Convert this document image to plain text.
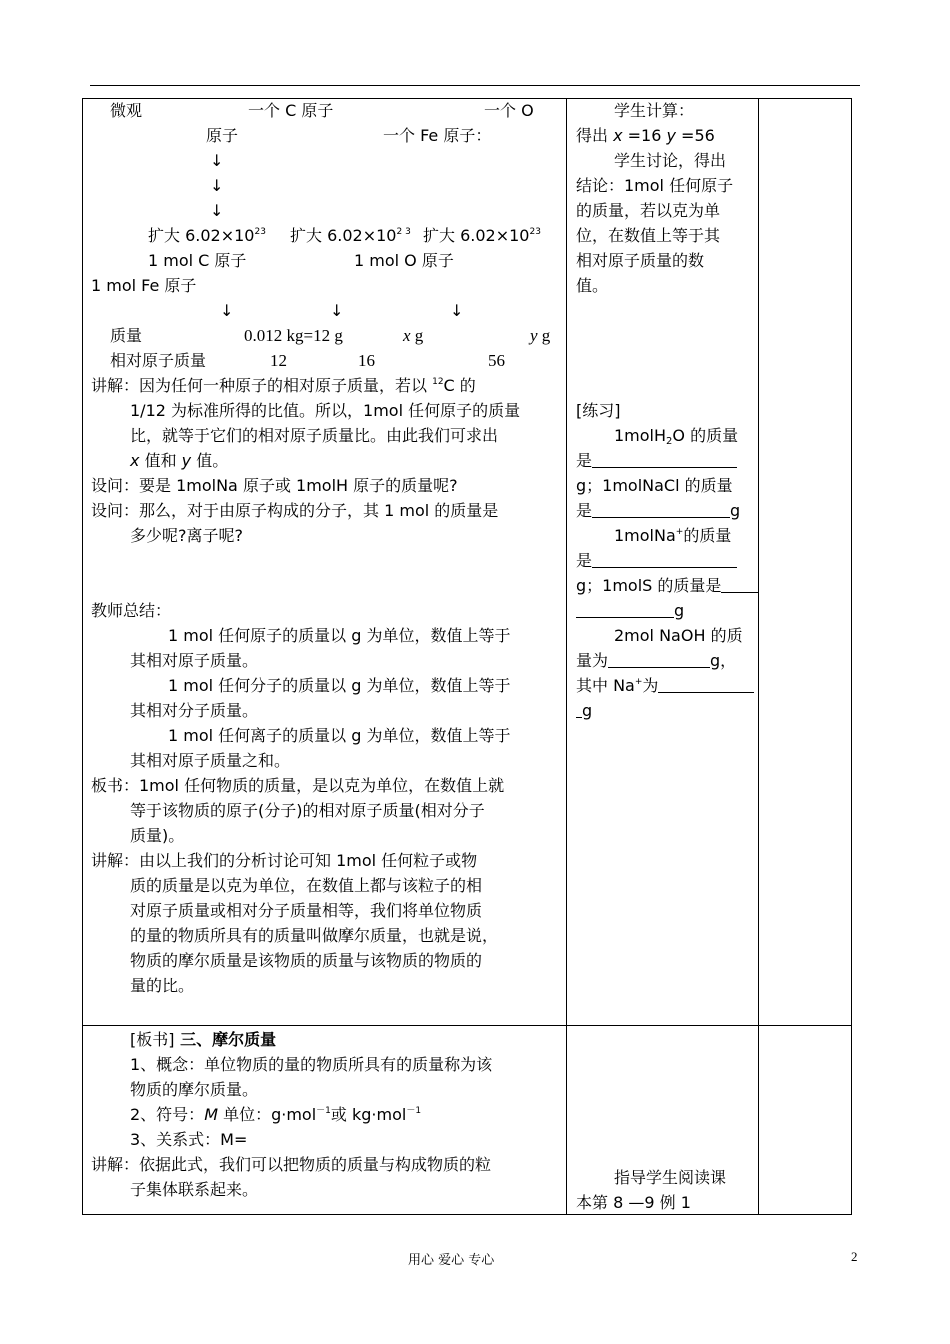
微观	一个 C 原子	一个 O
原子	一个 Fe 原子：
↓
↓
↓
扩大 $6.02\times 10^{23}$ 扩大 $6.02\times 10^{2 3}$ 扩大 $6.02\times 10^{23}$
1 mol C 原子	1 mol O 原子
1 mol Fe 原子
↓	↓	↓
质量	0.012 kg=12 g	x g	y g
相对原子质量	12	16	56
讲解：因为任何一种原子的相对原子质量，若以 $^{12}$C 的
1/12 为标准所得的比值。所以，1mol 任何原子的质量
比，就等于它们的相对原子质量比。由此我们可求出
x 值和 y 值。
设问：要是 1molNa 原子或 1molH 原子的质量呢?
设问：那么，对于由原子构成的分子，其 1 mol 的质量是
多少呢?离子呢?
教师总结：
1 mol 任何原子的质量以 g 为单位，数值上等于
其相对原子质量。
1 mol 任何分子的质量以 g 为单位，数值上等于
其相对分子质量。
1 mol 任何离子的质量以 g 为单位，数值上等于
其相对原子质量之和。
板书：1mol 任何物质的质量，是以克为单位，在数值上就
等于该物质的原子(分子)的相对原子质量(相对分子
质量)。
讲解：由以上我们的分析讨论可知 1mol 任何粒子或物
质的质量是以克为单位，在数值上都与该粒子的相
对原子质量或相对分子质量相等，我们将单位物质
的量的物质所具有的质量叫做摩尔质量，也就是说，
物质的摩尔质量是该物质的质量与该物质的物质的
量的比。
学生计算：
得出 x =16 y =56
学生讨论，得出
结论：1mol 任何原子
的质量，若以克为单
位，在数值上等于其
相对原子质量的数
值。
[练习]
1molH$_2$O 的质量
是
g；1molNaCl 的质量
是	g
1molNa+的质量
是
g；1molS 的质量是
g
2mol NaOH 的质
量为	g，
其中 Na+为
g
[板书] 三、摩尔质量
1、概念：单位物质的量的物质所具有的质量称为该
物质的摩尔质量。
2、符号：M 单位：g·mol$^{-1}$或 kg·mol$^{-1}$
3、关系式：M=
讲解：依据此式，我们可以把物质的质量与构成物质的粒
子集体联系起来。
指导学生阅读课
本第 8 —9 例 1
用心 爱心 专心	2
